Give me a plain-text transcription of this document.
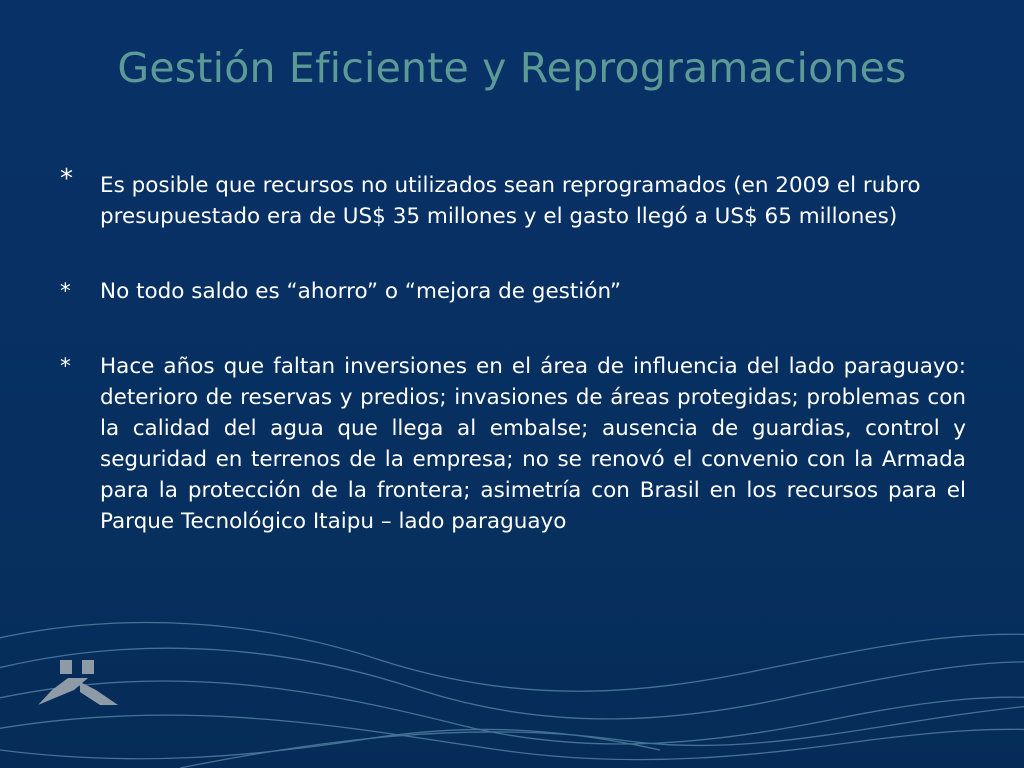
Gestión Eficiente y Reprogramaciones
*	Es posible que recursos no utilizados sean reprogramados (en 2009 el rubro presupuestado era de US$ 35 millones y el gasto llegó a US$ 65 millones)
*	No todo saldo es “ahorro” o “mejora de gestión”
*	Hace años que faltan inversiones en el área de influencia del lado paraguayo: deterioro de reservas y predios; invasiones de áreas protegidas; problemas con la calidad del agua que llega al embalse; ausencia de guardias, control y seguridad en terrenos de la empresa; no se renovó el convenio con la Armada para la protección de la frontera; asimetría con Brasil en los recursos para el Parque Tecnológico Itaipu – lado paraguayo
